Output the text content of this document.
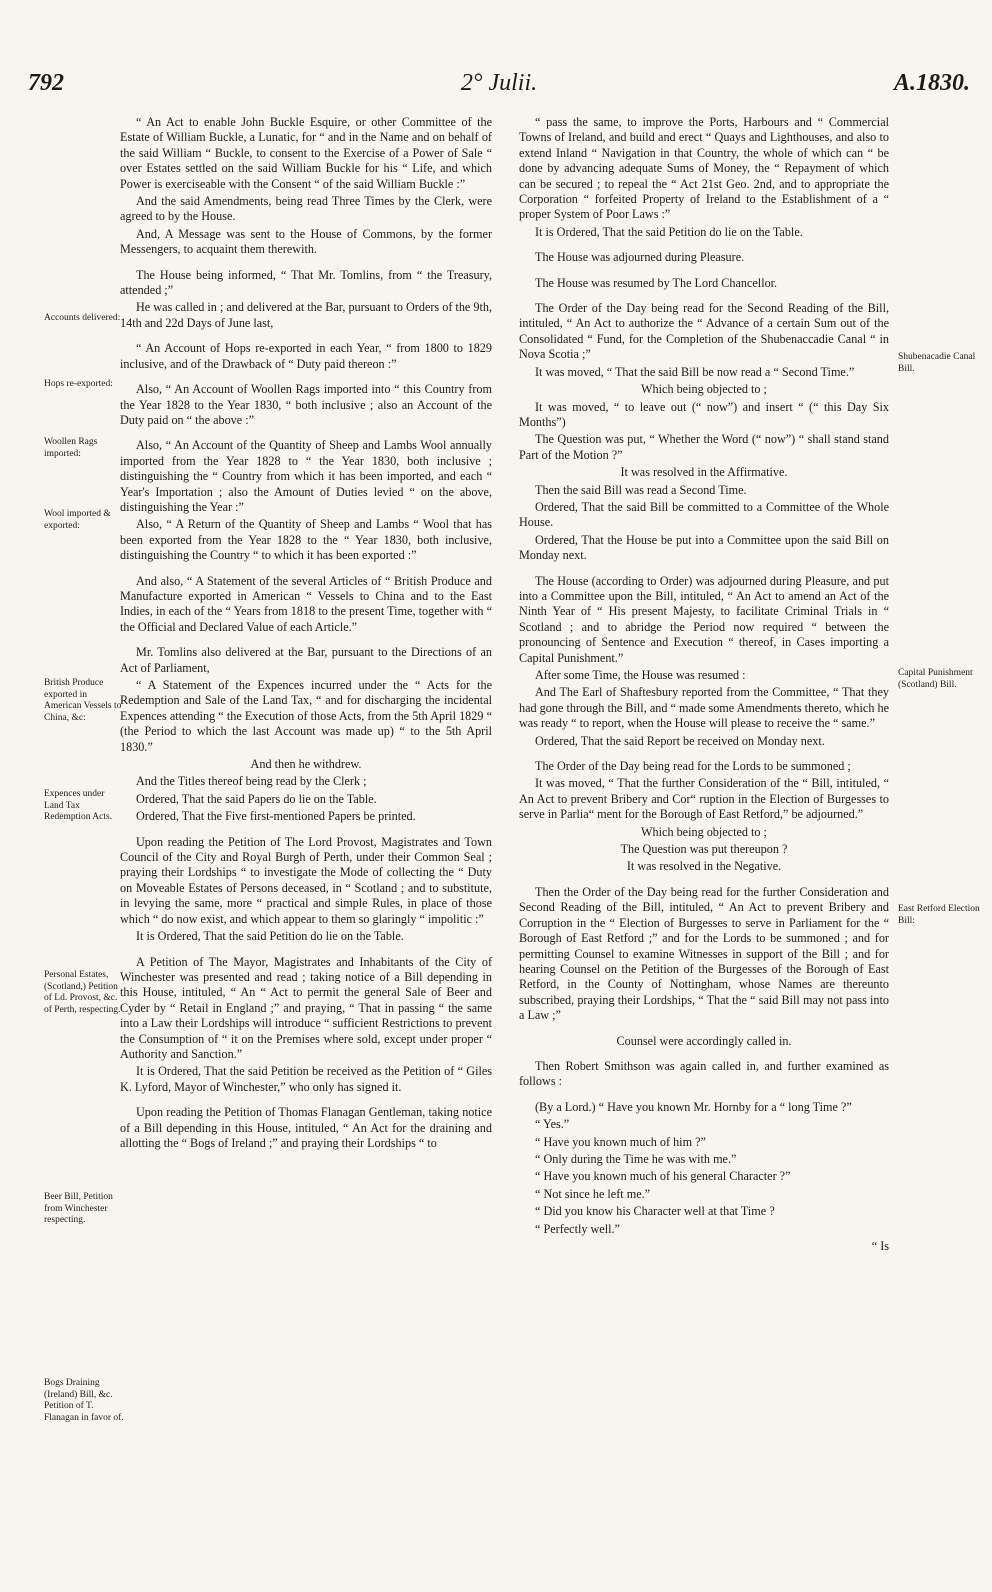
792	2° Julii.	A.1830.
Accounts delivered:
Hops re-exported:
Woollen Rags imported:
Wool imported & exported:
British Produce exported in American Vessels to China, &c:
Expences under Land Tax Redemption Acts.
Personal Estates, (Scotland,) Petition of Ld. Provost, &c. of Perth, respecting.
Beer Bill, Petition from Winchester respecting.
Bogs Draining (Ireland) Bill, &c. Petition of T. Flanagan in favor of.
Shubenacadie Canal Bill.
Capital Punishment (Scotland) Bill.
East Retford Election Bill:

“ An Act to enable John Buckle Esquire, or other Committee of the Estate of William Buckle, a Lunatic, for “ and in the Name and on behalf of the said William “ Buckle, to consent to the Exercise of a Power of Sale “ over Estates settled on the said William Buckle for his “ Life, and which Power is exerciseable with the Consent “ of the said William Buckle :”

And the said Amendments, being read Three Times by the Clerk, were agreed to by the House.

And, A Message was sent to the House of Commons, by the former Messengers, to acquaint them therewith.

The House being informed, “ That Mr. Tomlins, from “ the Treasury, attended ;”

He was called in ; and delivered at the Bar, pursuant to Orders of the 9th, 14th and 22d Days of June last,

“ An Account of Hops re-exported in each Year, “ from 1800 to 1829 inclusive, and of the Drawback of “ Duty paid thereon :”

Also, “ An Account of Woollen Rags imported into “ this Country from the Year 1828 to the Year 1830, “ both inclusive ; also an Account of the Duty paid on “ the above :”

Also, “ An Account of the Quantity of Sheep and Lambs Wool annually imported from the Year 1828 to “ the Year 1830, both inclusive ; distinguishing the “ Country from which it has been imported, and each “ Year's Importation ; also the Amount of Duties levied “ on the above, distinguishing the Year :”

Also, “ A Return of the Quantity of Sheep and Lambs “ Wool that has been exported from the Year 1828 to the “ Year 1830, both inclusive, distinguishing the Country “ to which it has been exported :”

And also, “ A Statement of the several Articles of “ British Produce and Manufacture exported in American “ Vessels to China and to the East Indies, in each of the “ Years from 1818 to the present Time, together with “ the Official and Declared Value of each Article.”

Mr. Tomlins also delivered at the Bar, pursuant to the Directions of an Act of Parliament,

“ A Statement of the Expences incurred under the “ Acts for the Redemption and Sale of the Land Tax, “ and for discharging the incidental Expences attending “ the Execution of those Acts, from the 5th April 1829 “ (the Period to which the last Account was made up) “ to the 5th April 1830.”

And then he withdrew.

And the Titles thereof being read by the Clerk ;

Ordered, That the said Papers do lie on the Table.

Ordered, That the Five first-mentioned Papers be printed.

Upon reading the Petition of The Lord Provost, Magistrates and Town Council of the City and Royal Burgh of Perth, under their Common Seal ; praying their Lordships “ to investigate the Mode of collecting the “ Duty on Moveable Estates of Persons deceased, in “ Scotland ; and to substitute, in levying the same, more “ practical and simple Rules, in place of those which “ do now exist, and which appear to them so glaringly “ impolitic :”

It is Ordered, That the said Petition do lie on the Table.

A Petition of The Mayor, Magistrates and Inhabitants of the City of Winchester was presented and read ; taking notice of a Bill depending in this House, intituled, “ An “ Act to permit the general Sale of Beer and Cyder by “ Retail in England ;” and praying, “ That in passing “ the same into a Law their Lordships will introduce “ sufficient Restrictions to prevent the Consumption of “ it on the Premises where sold, except under proper “ Authority and Sanction.”

It is Ordered, That the said Petition be received as the Petition of “ Giles K. Lyford, Mayor of Winchester,” who only has signed it.

Upon reading the Petition of Thomas Flanagan Gentleman, taking notice of a Bill depending in this House, intituled, “ An Act for the draining and allotting the “ Bogs of Ireland ;” and praying their Lordships “ to

“ pass the same, to improve the Ports, Harbours and “ Commercial Towns of Ireland, and build and erect “ Quays and Lighthouses, and also to extend Inland “ Navigation in that Country, the whole of which can “ be done by advancing adequate Sums of Money, the “ Repayment of which can be secured ; to repeal the “ Act 21st Geo. 2nd, and to appropriate the Corporation “ forfeited Property of Ireland to the Establishment of a “ proper System of Poor Laws :”

It is Ordered, That the said Petition do lie on the Table.

The House was adjourned during Pleasure.

The House was resumed by The Lord Chancellor.

The Order of the Day being read for the Second Reading of the Bill, intituled, “ An Act to authorize the “ Advance of a certain Sum out of the Consolidated “ Fund, for the Completion of the Shubenaccadie Canal “ in Nova Scotia ;”

It was moved, “ That the said Bill be now read a “ Second Time.”

Which being objected to ;

It was moved, “ to leave out (“ now”) and insert “ (“ this Day Six Months”)

The Question was put, “ Whether the Word (“ now”) “ shall stand stand Part of the Motion ?”

It was resolved in the Affirmative.

Then the said Bill was read a Second Time.

Ordered, That the said Bill be committed to a Committee of the Whole House.

Ordered, That the House be put into a Committee upon the said Bill on Monday next.

The House (according to Order) was adjourned during Pleasure, and put into a Committee upon the Bill, intituled, “ An Act to amend an Act of the Ninth Year of “ His present Majesty, to facilitate Criminal Trials in “ Scotland ; and to abridge the Period now required “ between the pronouncing of Sentence and Execution “ thereof, in Cases importing a Capital Punishment.”

After some Time, the House was resumed :

And The Earl of Shaftesbury reported from the Committee, “ That they had gone through the Bill, and “ made some Amendments thereto, which he was ready “ to report, when the House will please to receive the “ same.”

Ordered, That the said Report be received on Monday next.

The Order of the Day being read for the Lords to be summoned ;

It was moved, “ That the further Consideration of the “ Bill, intituled, “ An Act to prevent Bribery and Cor“ ruption in the Election of Burgesses to serve in Parlia“ ment for the Borough of East Retford,” be adjourned.”

Which being objected to ;

The Question was put thereupon ?

It was resolved in the Negative.

Then the Order of the Day being read for the further Consideration and Second Reading of the Bill, intituled, “ An Act to prevent Bribery and Corruption in the “ Election of Burgesses to serve in Parliament for the “ Borough of East Retford ;” and for the Lords to be summoned ; and for permitting Counsel to examine Witnesses in support of the Bill ; and for hearing Counsel on the Petition of the Burgesses of the Borough of East Retford, in the County of Nottingham, whose Names are thereunto subscribed, praying their Lordships, “ That the “ said Bill may not pass into a Law ;”

Counsel were accordingly called in.

Then Robert Smithson was again called in, and further examined as follows :

(By a Lord.) “ Have you known Mr. Hornby for a “ long Time ?”

“ Yes.”

“ Have you known much of him ?”

“ Only during the Time he was with me.”

“ Have you known much of his general Character ?”

“ Not since he left me.”

“ Did you know his Character well at that Time ?

“ Perfectly well.”

“ Is
